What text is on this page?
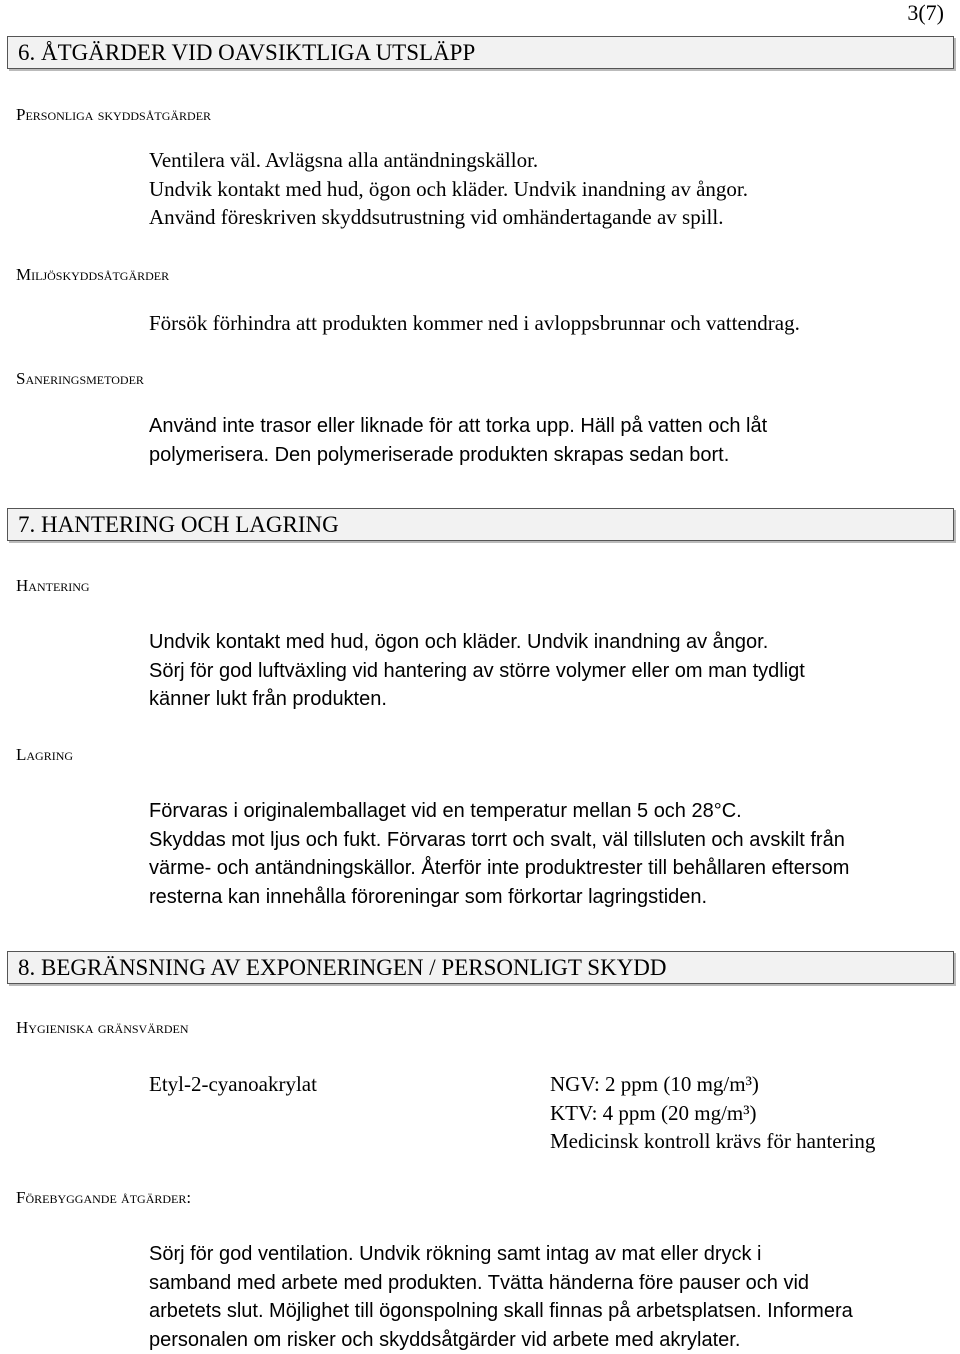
3(7)
6. ÅTGÄRDER VID OAVSIKTLIGA UTSLÄPP
Personliga skyddsåtgärder
Ventilera väl. Avlägsna alla antändningskällor.
Undvik kontakt med hud, ögon och kläder. Undvik inandning av ångor.
Använd föreskriven skyddsutrustning vid omhändertagande av spill.
Miljöskyddsåtgärder
Försök förhindra att produkten kommer ned i avloppsbrunnar och vattendrag.
Saneringsmetoder
Använd inte trasor eller liknade för att torka upp. Häll på vatten och låt
polymerisera. Den polymeriserade produkten skrapas sedan bort.
7. HANTERING OCH LAGRING
Hantering
Undvik kontakt med hud, ögon och kläder. Undvik inandning av ångor.
Sörj för god luftväxling vid hantering av större volymer eller om man tydligt
känner lukt från produkten.
Lagring
Förvaras i originalemballaget vid en temperatur mellan 5 och 28°C.
Skyddas mot ljus och fukt. Förvaras torrt och svalt, väl tillsluten och avskilt från
värme- och antändningskällor. Återför inte produktrester till behållaren eftersom
resterna kan innehålla föroreningar som förkortar lagringstiden.
8. BEGRÄNSNING AV EXPONERINGEN / PERSONLIGT SKYDD
Hygieniska gränsvärden
Etyl-2-cyanoakrylat	NGV: 2 ppm (10 mg/m³)
KTV: 4 ppm (20 mg/m³)
Medicinsk kontroll krävs för hantering
Förebyggande åtgärder:
Sörj för god ventilation. Undvik rökning samt intag av mat eller dryck i
samband med arbete med produkten. Tvätta händerna före pauser och vid
arbetets slut. Möjlighet till ögonspolning skall finnas på arbetsplatsen. Informera
personalen om risker och skyddsåtgärder vid arbete med akrylater.
